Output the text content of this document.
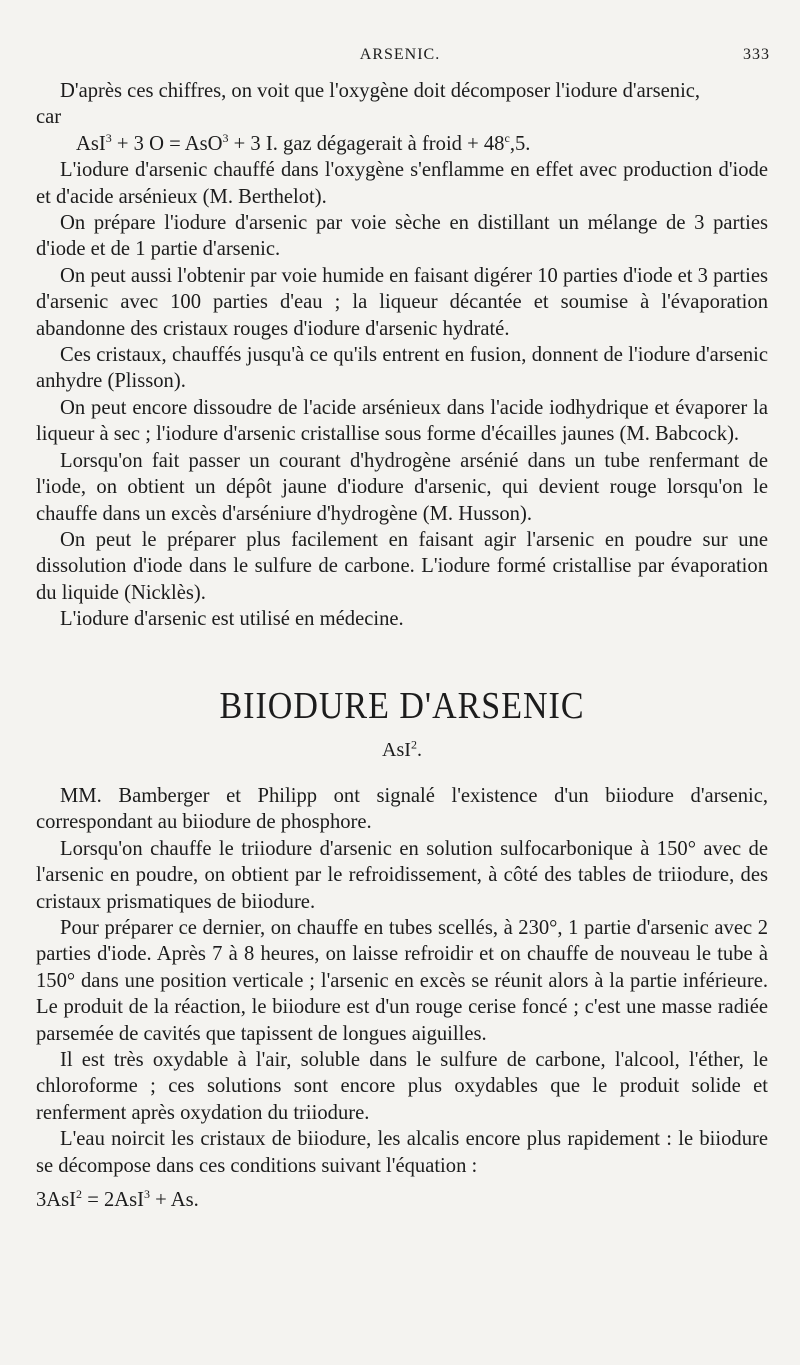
ARSENIC.	333

D'après ces chiffres, on voit que l'oxygène doit décomposer l'iodure d'arsenic,
car

AsI$^3$ + 3 O = AsO$^3$ + 3 I. gaz dégagerait à froid + $48^c,5$.

L'iodure d'arsenic chauffé dans l'oxygène s'enflamme en effet avec production d'iode et d'acide arsénieux (M. Berthelot).

On prépare l'iodure d'arsenic par voie sèche en distillant un mélange de 3 parties d'iode et de 1 partie d'arsenic.

On peut aussi l'obtenir par voie humide en faisant digérer 10 parties d'iode et 3 parties d'arsenic avec 100 parties d'eau ; la liqueur décantée et soumise à l'évaporation abandonne des cristaux rouges d'iodure d'arsenic hydraté.

Ces cristaux, chauffés jusqu'à ce qu'ils entrent en fusion, donnent de l'iodure d'arsenic anhydre (Plisson).

On peut encore dissoudre de l'acide arsénieux dans l'acide iodhydrique et évaporer la liqueur à sec ; l'iodure d'arsenic cristallise sous forme d'écailles jaunes (M. Babcock).

Lorsqu'on fait passer un courant d'hydrogène arsénié dans un tube renfermant de l'iode, on obtient un dépôt jaune d'iodure d'arsenic, qui devient rouge lorsqu'on le chauffe dans un excès d'arséniure d'hydrogène (M. Husson).

On peut le préparer plus facilement en faisant agir l'arsenic en poudre sur une dissolution d'iode dans le sulfure de carbone. L'iodure formé cristallise par évaporation du liquide (Nicklès).

L'iodure d'arsenic est utilisé en médecine.

BIIODURE D'ARSENIC
AsI$^2$.

MM. Bamberger et Philipp ont signalé l'existence d'un biiodure d'arsenic, correspondant au biiodure de phosphore.

Lorsqu'on chauffe le triiodure d'arsenic en solution sulfocarbonique à 150° avec de l'arsenic en poudre, on obtient par le refroidissement, à côté des tables de triiodure, des cristaux prismatiques de biiodure.

Pour préparer ce dernier, on chauffe en tubes scellés, à 230°, 1 partie d'arsenic avec 2 parties d'iode. Après 7 à 8 heures, on laisse refroidir et on chauffe de nouveau le tube à 150° dans une position verticale ; l'arsenic en excès se réunit alors à la partie inférieure. Le produit de la réaction, le biiodure est d'un rouge cerise foncé ; c'est une masse radiée parsemée de cavités que tapissent de longues aiguilles.

Il est très oxydable à l'air, soluble dans le sulfure de carbone, l'alcool, l'éther, le chloroforme ; ces solutions sont encore plus oxydables que le produit solide et renferment après oxydation du triiodure.

L'eau noircit les cristaux de biiodure, les alcalis encore plus rapidement : le biiodure se décompose dans ces conditions suivant l'équation :

3AsI$^2$ = 2AsI$^3$ + As.
